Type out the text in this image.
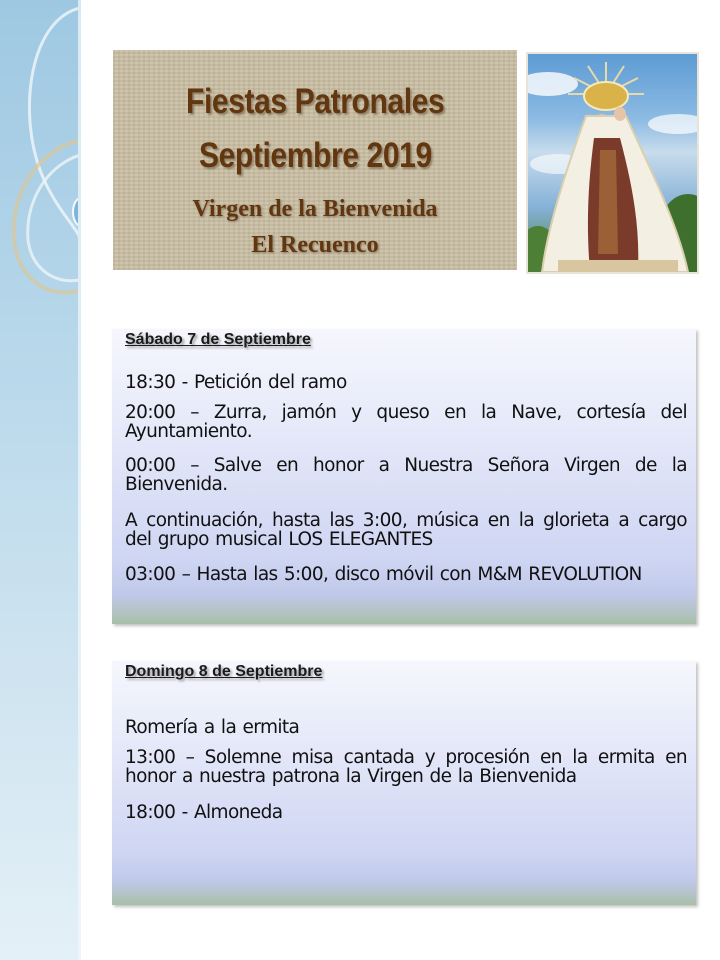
Fiestas Patronales
Septiembre 2019
Virgen de la Bienvenida
El Recuenco
Sábado 7 de Septiembre
18:30 - Petición del ramo
20:00 – Zurra, jamón y queso en la Nave, cortesía del Ayuntamiento.
00:00 – Salve en honor a Nuestra Señora Virgen de la Bienvenida.
A continuación, hasta las 3:00, música en la glorieta a cargo del grupo musical LOS ELEGANTES
03:00 – Hasta las 5:00, disco móvil con M&M REVOLUTION
Domingo 8 de Septiembre
Romería a la ermita
13:00 – Solemne misa cantada y procesión en la ermita en honor a nuestra patrona la Virgen de la Bienvenida
18:00 - Almoneda
